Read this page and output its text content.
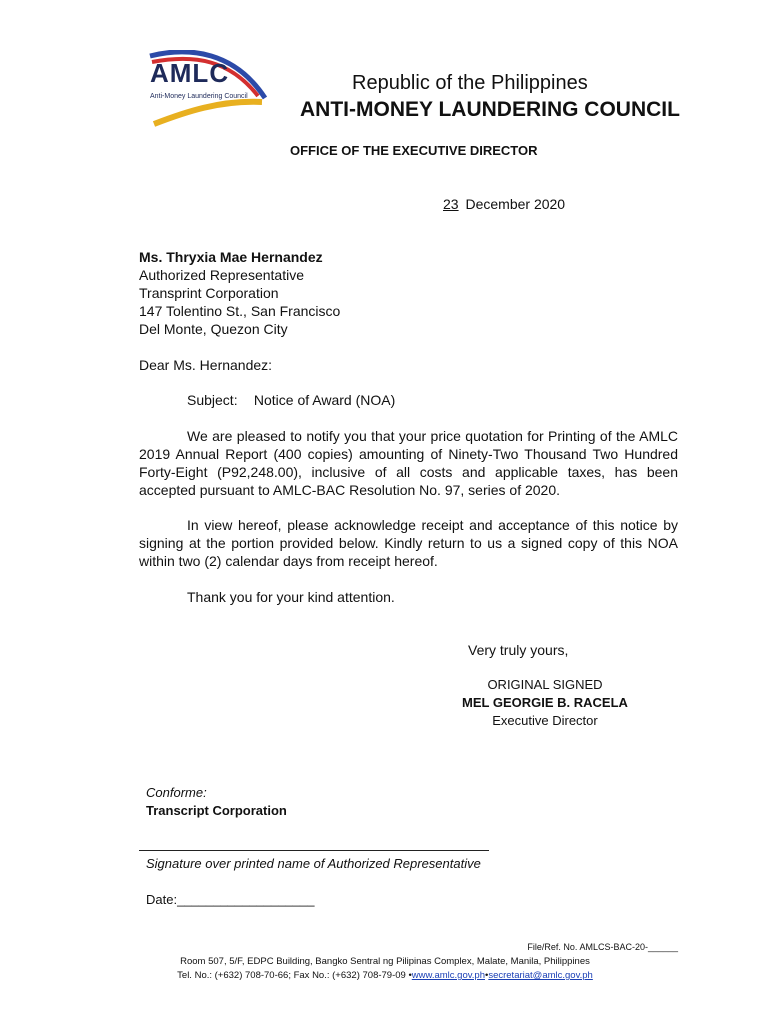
AMLC
Anti-Money Laundering Council
Republic of the Philippines
ANTI-MONEY LAUNDERING COUNCIL
OFFICE OF THE EXECUTIVE DIRECTOR
23 December 2020
Ms. Thryxia Mae Hernandez
Authorized Representative
Transprint Corporation
147 Tolentino St., San Francisco
Del Monte, Quezon City
Dear Ms. Hernandez:
Subject: Notice of Award (NOA)
We are pleased to notify you that your price quotation for Printing of the AMLC 2019 Annual Report (400 copies) amounting of Ninety-Two Thousand Two Hundred Forty-Eight (P92,248.00), inclusive of all costs and applicable taxes, has been accepted pursuant to AMLC-BAC Resolution No. 97, series of 2020.
In view hereof, please acknowledge receipt and acceptance of this notice by signing at the portion provided below. Kindly return to us a signed copy of this NOA within two (2) calendar days from receipt hereof.
Thank you for your kind attention.
Very truly yours,
ORIGINAL SIGNED
MEL GEORGIE B. RACELA
Executive Director
Conforme:
Transcript Corporation
Signature over printed name of Authorized Representative
Date:___________________
File/Ref. No. AMLCS-BAC-20-______
Room 507, 5/F, EDPC Building, Bangko Sentral ng Pilipinas Complex, Malate, Manila, Philippines
Tel. No.: (+632) 708-70-66; Fax No.: (+632) 708-79-09 •www.amlc.gov.ph•secretariat@amlc.gov.ph
